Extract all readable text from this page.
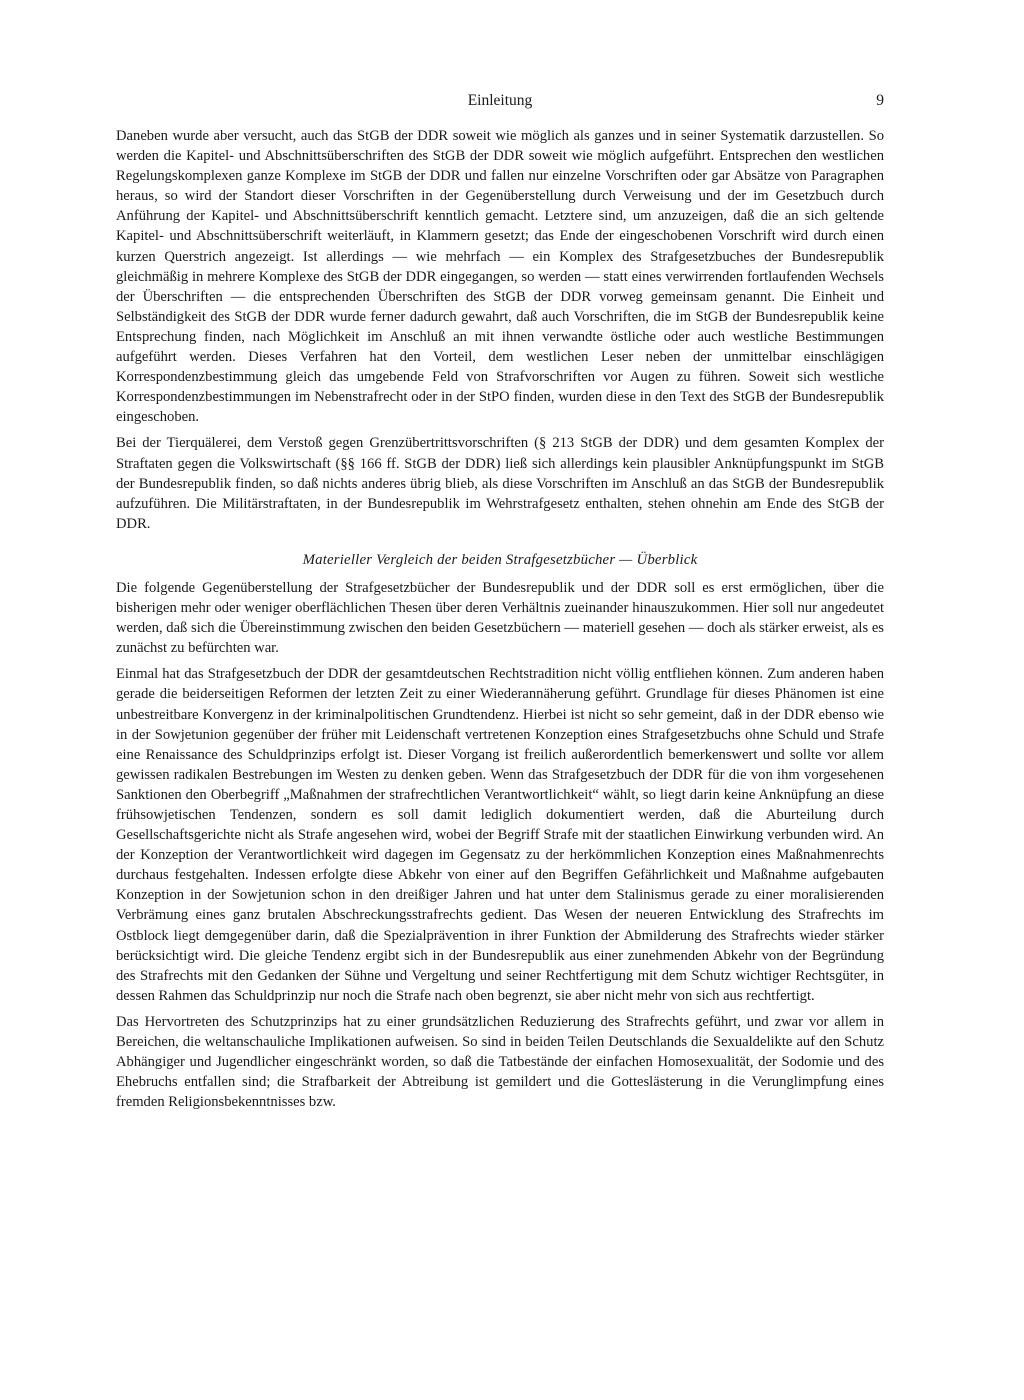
Einleitung	9

Daneben wurde aber versucht, auch das StGB der DDR soweit wie möglich als ganzes und in seiner Systematik darzustellen. So werden die Kapitel- und Abschnittsüberschriften des StGB der DDR soweit wie möglich aufgeführt. Entsprechen den westlichen Regelungskomplexen ganze Komplexe im StGB der DDR und fallen nur einzelne Vorschriften oder gar Absätze von Paragraphen heraus, so wird der Standort dieser Vorschriften in der Gegenüberstellung durch Verweisung und der im Gesetzbuch durch Anführung der Kapitel- und Abschnittsüberschrift kenntlich gemacht. Letztere sind, um anzuzeigen, daß die an sich geltende Kapitel- und Abschnittsüberschrift weiterläuft, in Klammern gesetzt; das Ende der eingeschobenen Vorschrift wird durch einen kurzen Querstrich angezeigt. Ist allerdings — wie mehrfach — ein Komplex des Strafgesetzbuches der Bundesrepublik gleichmäßig in mehrere Komplexe des StGB der DDR eingegangen, so werden — statt eines verwirrenden fortlaufenden Wechsels der Überschriften — die entsprechenden Überschriften des StGB der DDR vorweg gemeinsam genannt. Die Einheit und Selbständigkeit des StGB der DDR wurde ferner dadurch gewahrt, daß auch Vorschriften, die im StGB der Bundesrepublik keine Entsprechung finden, nach Möglichkeit im Anschluß an mit ihnen verwandte östliche oder auch westliche Bestimmungen aufgeführt werden. Dieses Verfahren hat den Vorteil, dem westlichen Leser neben der unmittelbar einschlägigen Korrespondenzbestimmung gleich das umgebende Feld von Strafvorschriften vor Augen zu führen. Soweit sich westliche Korrespondenzbestimmungen im Nebenstrafrecht oder in der StPO finden, wurden diese in den Text des StGB der Bundesrepublik eingeschoben.

Bei der Tierquälerei, dem Verstoß gegen Grenzübertrittsvorschriften (§ 213 StGB der DDR) und dem gesamten Komplex der Straftaten gegen die Volkswirtschaft (§§ 166 ff. StGB der DDR) ließ sich allerdings kein plausibler Anknüpfungspunkt im StGB der Bundesrepublik finden, so daß nichts anderes übrig blieb, als diese Vorschriften im Anschluß an das StGB der Bundesrepublik aufzuführen. Die Militärstraftaten, in der Bundesrepublik im Wehrstrafgesetz enthalten, stehen ohnehin am Ende des StGB der DDR.

Materieller Vergleich der beiden Strafgesetzbücher — Überblick

Die folgende Gegenüberstellung der Strafgesetzbücher der Bundesrepublik und der DDR soll es erst ermöglichen, über die bisherigen mehr oder weniger oberflächlichen Thesen über deren Verhältnis zueinander hinauszukommen. Hier soll nur angedeutet werden, daß sich die Übereinstimmung zwischen den beiden Gesetzbüchern — materiell gesehen — doch als stärker erweist, als es zunächst zu befürchten war.

Einmal hat das Strafgesetzbuch der DDR der gesamtdeutschen Rechtstradition nicht völlig entfliehen können. Zum anderen haben gerade die beiderseitigen Reformen der letzten Zeit zu einer Wiederannäherung geführt. Grundlage für dieses Phänomen ist eine unbestreitbare Konvergenz in der kriminalpolitischen Grundtendenz. Hierbei ist nicht so sehr gemeint, daß in der DDR ebenso wie in der Sowjetunion gegenüber der früher mit Leidenschaft vertretenen Konzeption eines Strafgesetzbuchs ohne Schuld und Strafe eine Renaissance des Schuldprinzips erfolgt ist. Dieser Vorgang ist freilich außerordentlich bemerkenswert und sollte vor allem gewissen radikalen Bestrebungen im Westen zu denken geben. Wenn das Strafgesetzbuch der DDR für die von ihm vorgesehenen Sanktionen den Oberbegriff „Maßnahmen der strafrechtlichen Verantwortlichkeit“ wählt, so liegt darin keine Anknüpfung an diese frühsowjetischen Tendenzen, sondern es soll damit lediglich dokumentiert werden, daß die Aburteilung durch Gesellschaftsgerichte nicht als Strafe angesehen wird, wobei der Begriff Strafe mit der staatlichen Einwirkung verbunden wird. An der Konzeption der Verantwortlichkeit wird dagegen im Gegensatz zu der herkömmlichen Konzeption eines Maßnahmenrechts durchaus festgehalten. Indessen erfolgte diese Abkehr von einer auf den Begriffen Gefährlichkeit und Maßnahme aufgebauten Konzeption in der Sowjetunion schon in den dreißiger Jahren und hat unter dem Stalinismus gerade zu einer moralisierenden Verbrämung eines ganz brutalen Abschreckungsstrafrechts gedient. Das Wesen der neueren Entwicklung des Strafrechts im Ostblock liegt demgegenüber darin, daß die Spezialprävention in ihrer Funktion der Abmilderung des Strafrechts wieder stärker berücksichtigt wird. Die gleiche Tendenz ergibt sich in der Bundesrepublik aus einer zunehmenden Abkehr von der Begründung des Strafrechts mit den Gedanken der Sühne und Vergeltung und seiner Rechtfertigung mit dem Schutz wichtiger Rechtsgüter, in dessen Rahmen das Schuldprinzip nur noch die Strafe nach oben begrenzt, sie aber nicht mehr von sich aus rechtfertigt.

Das Hervortreten des Schutzprinzips hat zu einer grundsätzlichen Reduzierung des Strafrechts geführt, und zwar vor allem in Bereichen, die weltanschauliche Implikationen aufweisen. So sind in beiden Teilen Deutschlands die Sexualdelikte auf den Schutz Abhängiger und Jugendlicher eingeschränkt worden, so daß die Tatbestände der einfachen Homosexualität, der Sodomie und des Ehebruchs entfallen sind; die Strafbarkeit der Abtreibung ist gemildert und die Gotteslästerung in die Verunglimpfung eines fremden Religionsbekenntnisses bzw.
